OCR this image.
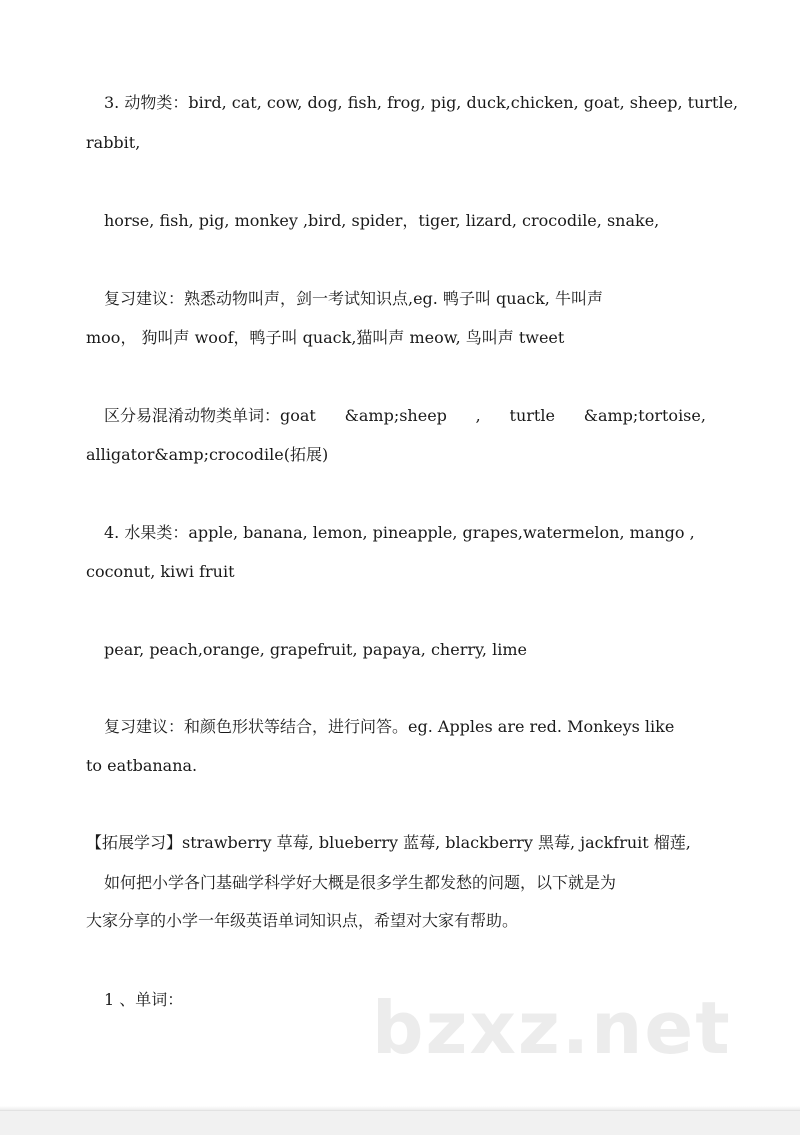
3. 动物类：bird, cat, cow, dog, fish, frog, pig, duck,chicken, goat, sheep, turtle,
rabbit,
horse, fish, pig, monkey ,bird, spider，tiger, lizard, crocodile, snake,
复习建议：熟悉动物叫声，剑一考试知识点,eg. 鸭子叫 quack, 牛叫声
moo， 狗叫声 woof，鸭子叫 quack,猫叫声 meow, 鸟叫声 tweet
区分易混淆动物类单词：goat &amp;sheep , turtle &amp;tortoise,
alligator&amp;crocodile(拓展)
4. 水果类：apple, banana, lemon, pineapple, grapes,watermelon, mango ,
coconut, kiwi fruit
pear, peach,orange, grapefruit, papaya, cherry, lime
复习建议：和颜色形状等结合，进行问答。eg. Apples are red. Monkeys like
to eatbanana.
【拓展学习】strawberry 草莓, blueberry 蓝莓, blackberry 黑莓, jackfruit 榴莲,
如何把小学各门基础学科学好大概是很多学生都发愁的问题，以下就是为
大家分享的小学一年级英语单词知识点，希望对大家有帮助。
1 、单词：	bzxz.net
